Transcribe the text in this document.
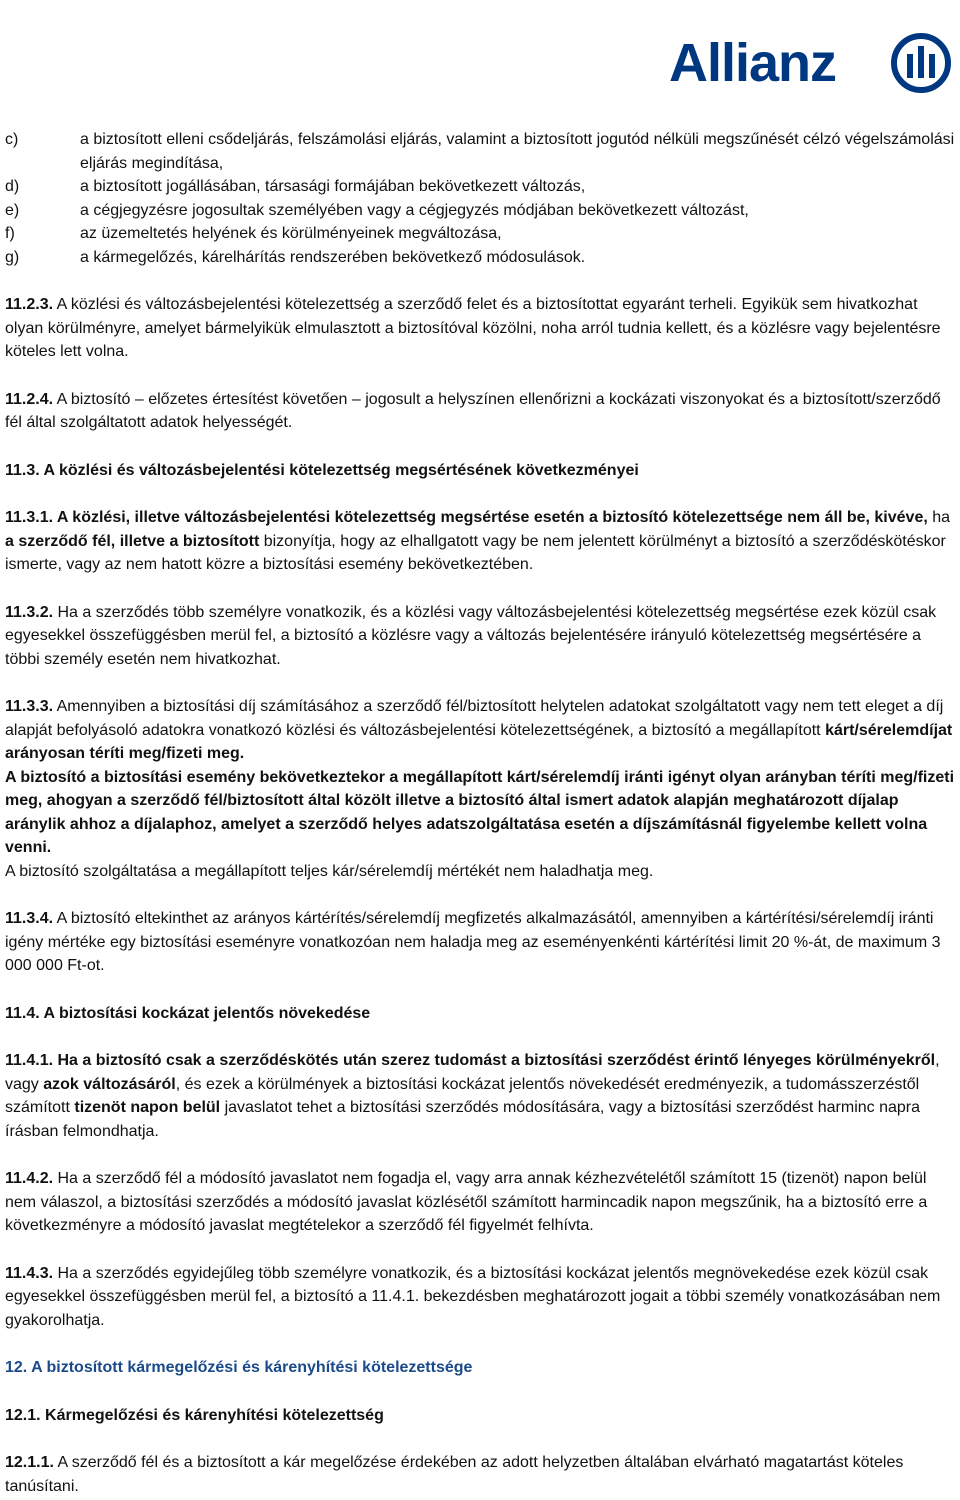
Allianz
c)	a biztosított elleni csődeljárás, felszámolási eljárás, valamint a biztosított jogutód nélküli megszűnését célzó végelszámolási eljárás megindítása,
d)	a biztosított jogállásában, társasági formájában bekövetkezett változás,
e)	a cégjegyzésre jogosultak személyében vagy a cégjegyzés módjában bekövetkezett változást,
f)	az üzemeltetés helyének és körülményeinek megváltozása,
g)	a kármegelőzés, kárelhárítás rendszerében bekövetkező módosulások.

11.2.3. A közlési és változásbejelentési kötelezettség a szerződő felet és a biztosítottat egyaránt terheli. Egyikük sem hivatkozhat olyan körülményre, amelyet bármelyikük elmulasztott a biztosítóval közölni, noha arról tudnia kellett, és a közlésre vagy bejelentésre köteles lett volna.

11.2.4. A biztosító – előzetes értesítést követően – jogosult a helyszínen ellenőrizni a kockázati viszonyokat és a biztosított/szerződő fél által szolgáltatott adatok helyességét.

11.3. A közlési és változásbejelentési kötelezettség megsértésének következményei

11.3.1. A közlési, illetve változásbejelentési kötelezettség megsértése esetén a biztosító kötelezettsége nem áll be, kivéve, ha a szerződő fél, illetve a biztosított bizonyítja, hogy az elhallgatott vagy be nem jelentett körülményt a biztosító a szerződéskötéskor ismerte, vagy az nem hatott közre a biztosítási esemény bekövetkeztében.

11.3.2. Ha a szerződés több személyre vonatkozik, és a közlési vagy változásbejelentési kötelezettség megsértése ezek közül csak egyesekkel összefüggésben merül fel, a biztosító a közlésre vagy a változás bejelentésére irányuló kötelezettség megsértésére a többi személy esetén nem hivatkozhat.

11.3.3. Amennyiben a biztosítási díj számításához a szerződő fél/biztosított helytelen adatokat szolgáltatott vagy nem tett eleget a díj alapját befolyásoló adatokra vonatkozó közlési és változásbejelentési kötelezettségének, a biztosító a megállapított kárt/sérelemdíjat arányosan téríti meg/fizeti meg.
A biztosító a biztosítási esemény bekövetkeztekor a megállapított kárt/sérelemdíj iránti igényt olyan arányban téríti meg/fizeti meg, ahogyan a szerződő fél/biztosított által közölt illetve a biztosító által ismert adatok alapján meghatározott díjalap aránylik ahhoz a díjalaphoz, amelyet a szerződő helyes adatszolgáltatása esetén a díjszámításnál figyelembe kellett volna venni.
A biztosító szolgáltatása a megállapított teljes kár/sérelemdíj mértékét nem haladhatja meg.

11.3.4. A biztosító eltekinthet az arányos kártérítés/sérelemdíj megfizetés alkalmazásától, amennyiben a kártérítési/sérelemdíj iránti igény mértéke egy biztosítási eseményre vonatkozóan nem haladja meg az eseményenkénti kártérítési limit 20 %-át, de maximum 3 000 000 Ft-ot.

11.4. A biztosítási kockázat jelentős növekedése

11.4.1. Ha a biztosító csak a szerződéskötés után szerez tudomást a biztosítási szerződést érintő lényeges körülményekről, vagy azok változásáról, és ezek a körülmények a biztosítási kockázat jelentős növekedését eredményezik, a tudomásszerzéstől számított tizenöt napon belül javaslatot tehet a biztosítási szerződés módosítására, vagy a biztosítási szerződést harminc napra írásban felmondhatja.

11.4.2. Ha a szerződő fél a módosító javaslatot nem fogadja el, vagy arra annak kézhezvételétől számított 15 (tizenöt) napon belül nem válaszol, a biztosítási szerződés a módosító javaslat közlésétől számított harmincadik napon megszűnik, ha a biztosító erre a következményre a módosító javaslat megtételekor a szerződő fél figyelmét felhívta.

11.4.3. Ha a szerződés egyidejűleg több személyre vonatkozik, és a biztosítási kockázat jelentős megnövekedése ezek közül csak egyesekkel összefüggésben merül fel, a biztosító a 11.4.1. bekezdésben meghatározott jogait a többi személy vonatkozásában nem gyakorolhatja.

12. A biztosított kármegelőzési és kárenyhítési kötelezettsége

12.1. Kármegelőzési és kárenyhítési kötelezettség

12.1.1. A szerződő fél és a biztosított a kár megelőzése érdekében az adott helyzetben általában elvárható magatartást köteles tanúsítani.
